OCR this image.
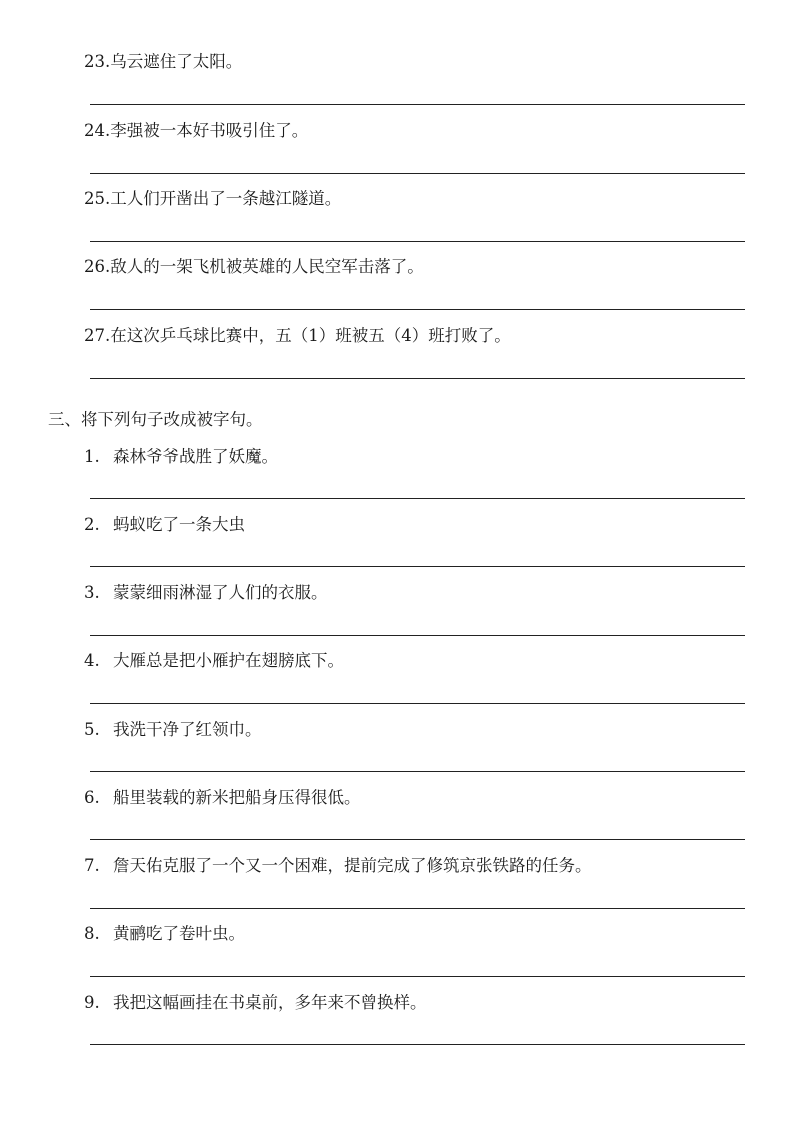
23. 乌云遮住了太阳。
24. 李强被一本好书吸引住了。
25. 工人们开凿出了一条越江隧道。
26. 敌人的一架飞机被英雄的人民空军击落了。
27. 在这次乒乓球比赛中，五（1）班被五（4）班打败了。
三、将下列句子改成被字句。
1. 森林爷爷战胜了妖魔。
2. 蚂蚁吃了一条大虫
3. 蒙蒙细雨淋湿了人们的衣服。
4. 大雁总是把小雁护在翅膀底下。
5. 我洗干净了红领巾。
6. 船里装载的新米把船身压得很低。
7. 詹天佑克服了一个又一个困难，提前完成了修筑京张铁路的任务。
8. 黄鹂吃了卷叶虫。
9. 我把这幅画挂在书桌前，多年来不曾换样。
